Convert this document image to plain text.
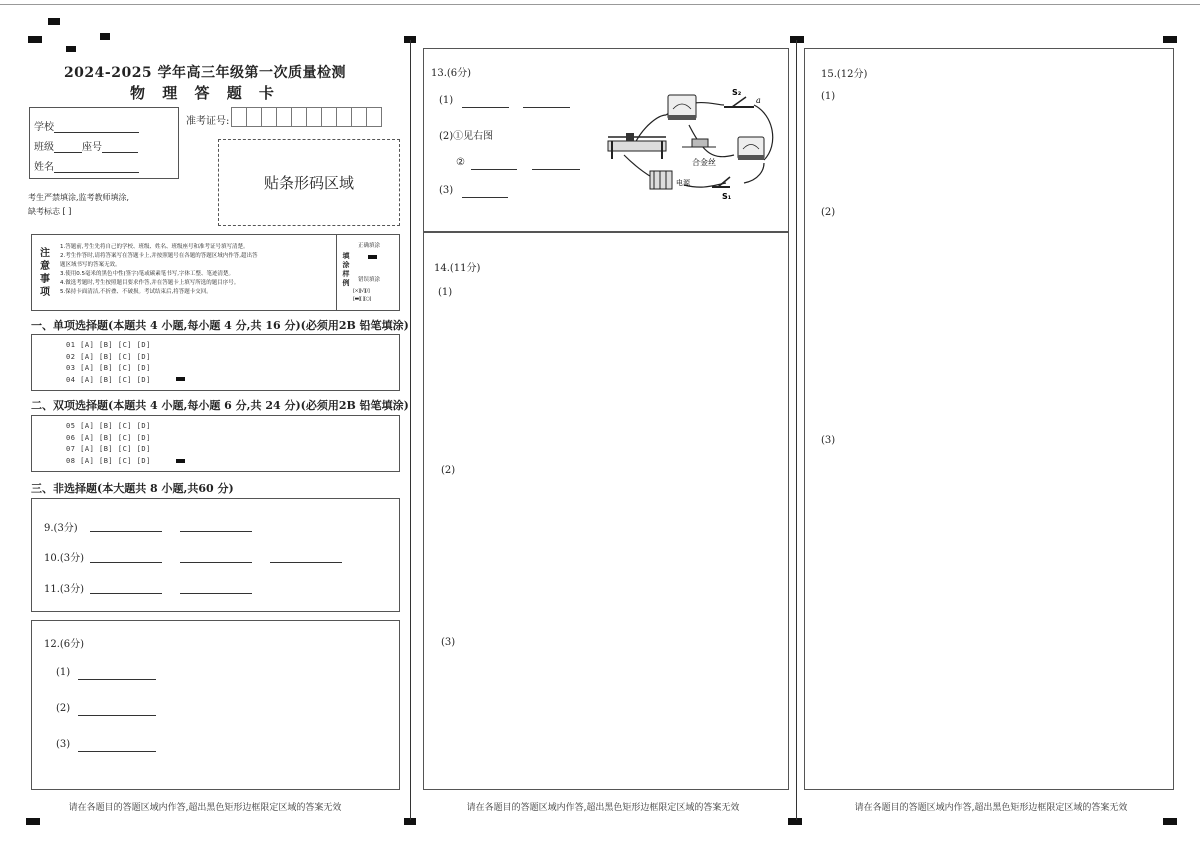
2024-2025 学年高三年级第一次质量检测
物 理 答 题 卡
学校
班级	座号
姓名
准考证号:
贴条形码区域
考生严禁填涂,监考教师填涂,
缺考标志 [ ]
注
意
事
项
1.答题前,考生先将自己的学校、班级、姓名、班级座号和准考证号填写清楚。
2.考生作答时,请将答案写在答题卡上,并按照题号在各题的答题区域内作答,超出答
题区域书写的答案无效。
3.使用0.5毫米的黑色中性(签字)笔或碳素笔书写,字体工整、笔迹清楚。
4.做选考题时,考生按照题目要求作答,并在答题卡上填写所选的题目序号。
5.保持卡面清洁,不折叠、不破损。考试结束后,将答题卡交回。
填
涂
样
例
正确填涂
错误填涂
[×][√][/]
[▬][ ][○]
一、单项选择题(本题共 4 小题,每小题 4 分,共 16 分)(必须用2B 铅笔填涂)
01 [A] [B] [C] [D]
02 [A] [B] [C] [D]
03 [A] [B] [C] [D]
04 [A] [B] [C] [D]
二、双项选择题(本题共 4 小题,每小题 6 分,共 24 分)(必须用2B 铅笔填涂)
05 [A] [B] [C] [D]
06 [A] [B] [C] [D]
07 [A] [B] [C] [D]
08 [A] [B] [C] [D]
三、非选择题(本大题共 8 小题,共60 分)
9.(3分)
10.(3分)
11.(3分)
12.(6分)
(1)
(2)
(3)
请在各题目的答题区域内作答,超出黑色矩形边框限定区域的答案无效
13.(6分)
(1)
(2)①见右图
②
(3)
合金丝
电源
S₁
S₂
a
14.(11分)
(1)
(2)
(3)
请在各题目的答题区域内作答,超出黑色矩形边框限定区域的答案无效
15.(12分)
(1)
(2)
(3)
请在各题目的答题区域内作答,超出黑色矩形边框限定区域的答案无效
